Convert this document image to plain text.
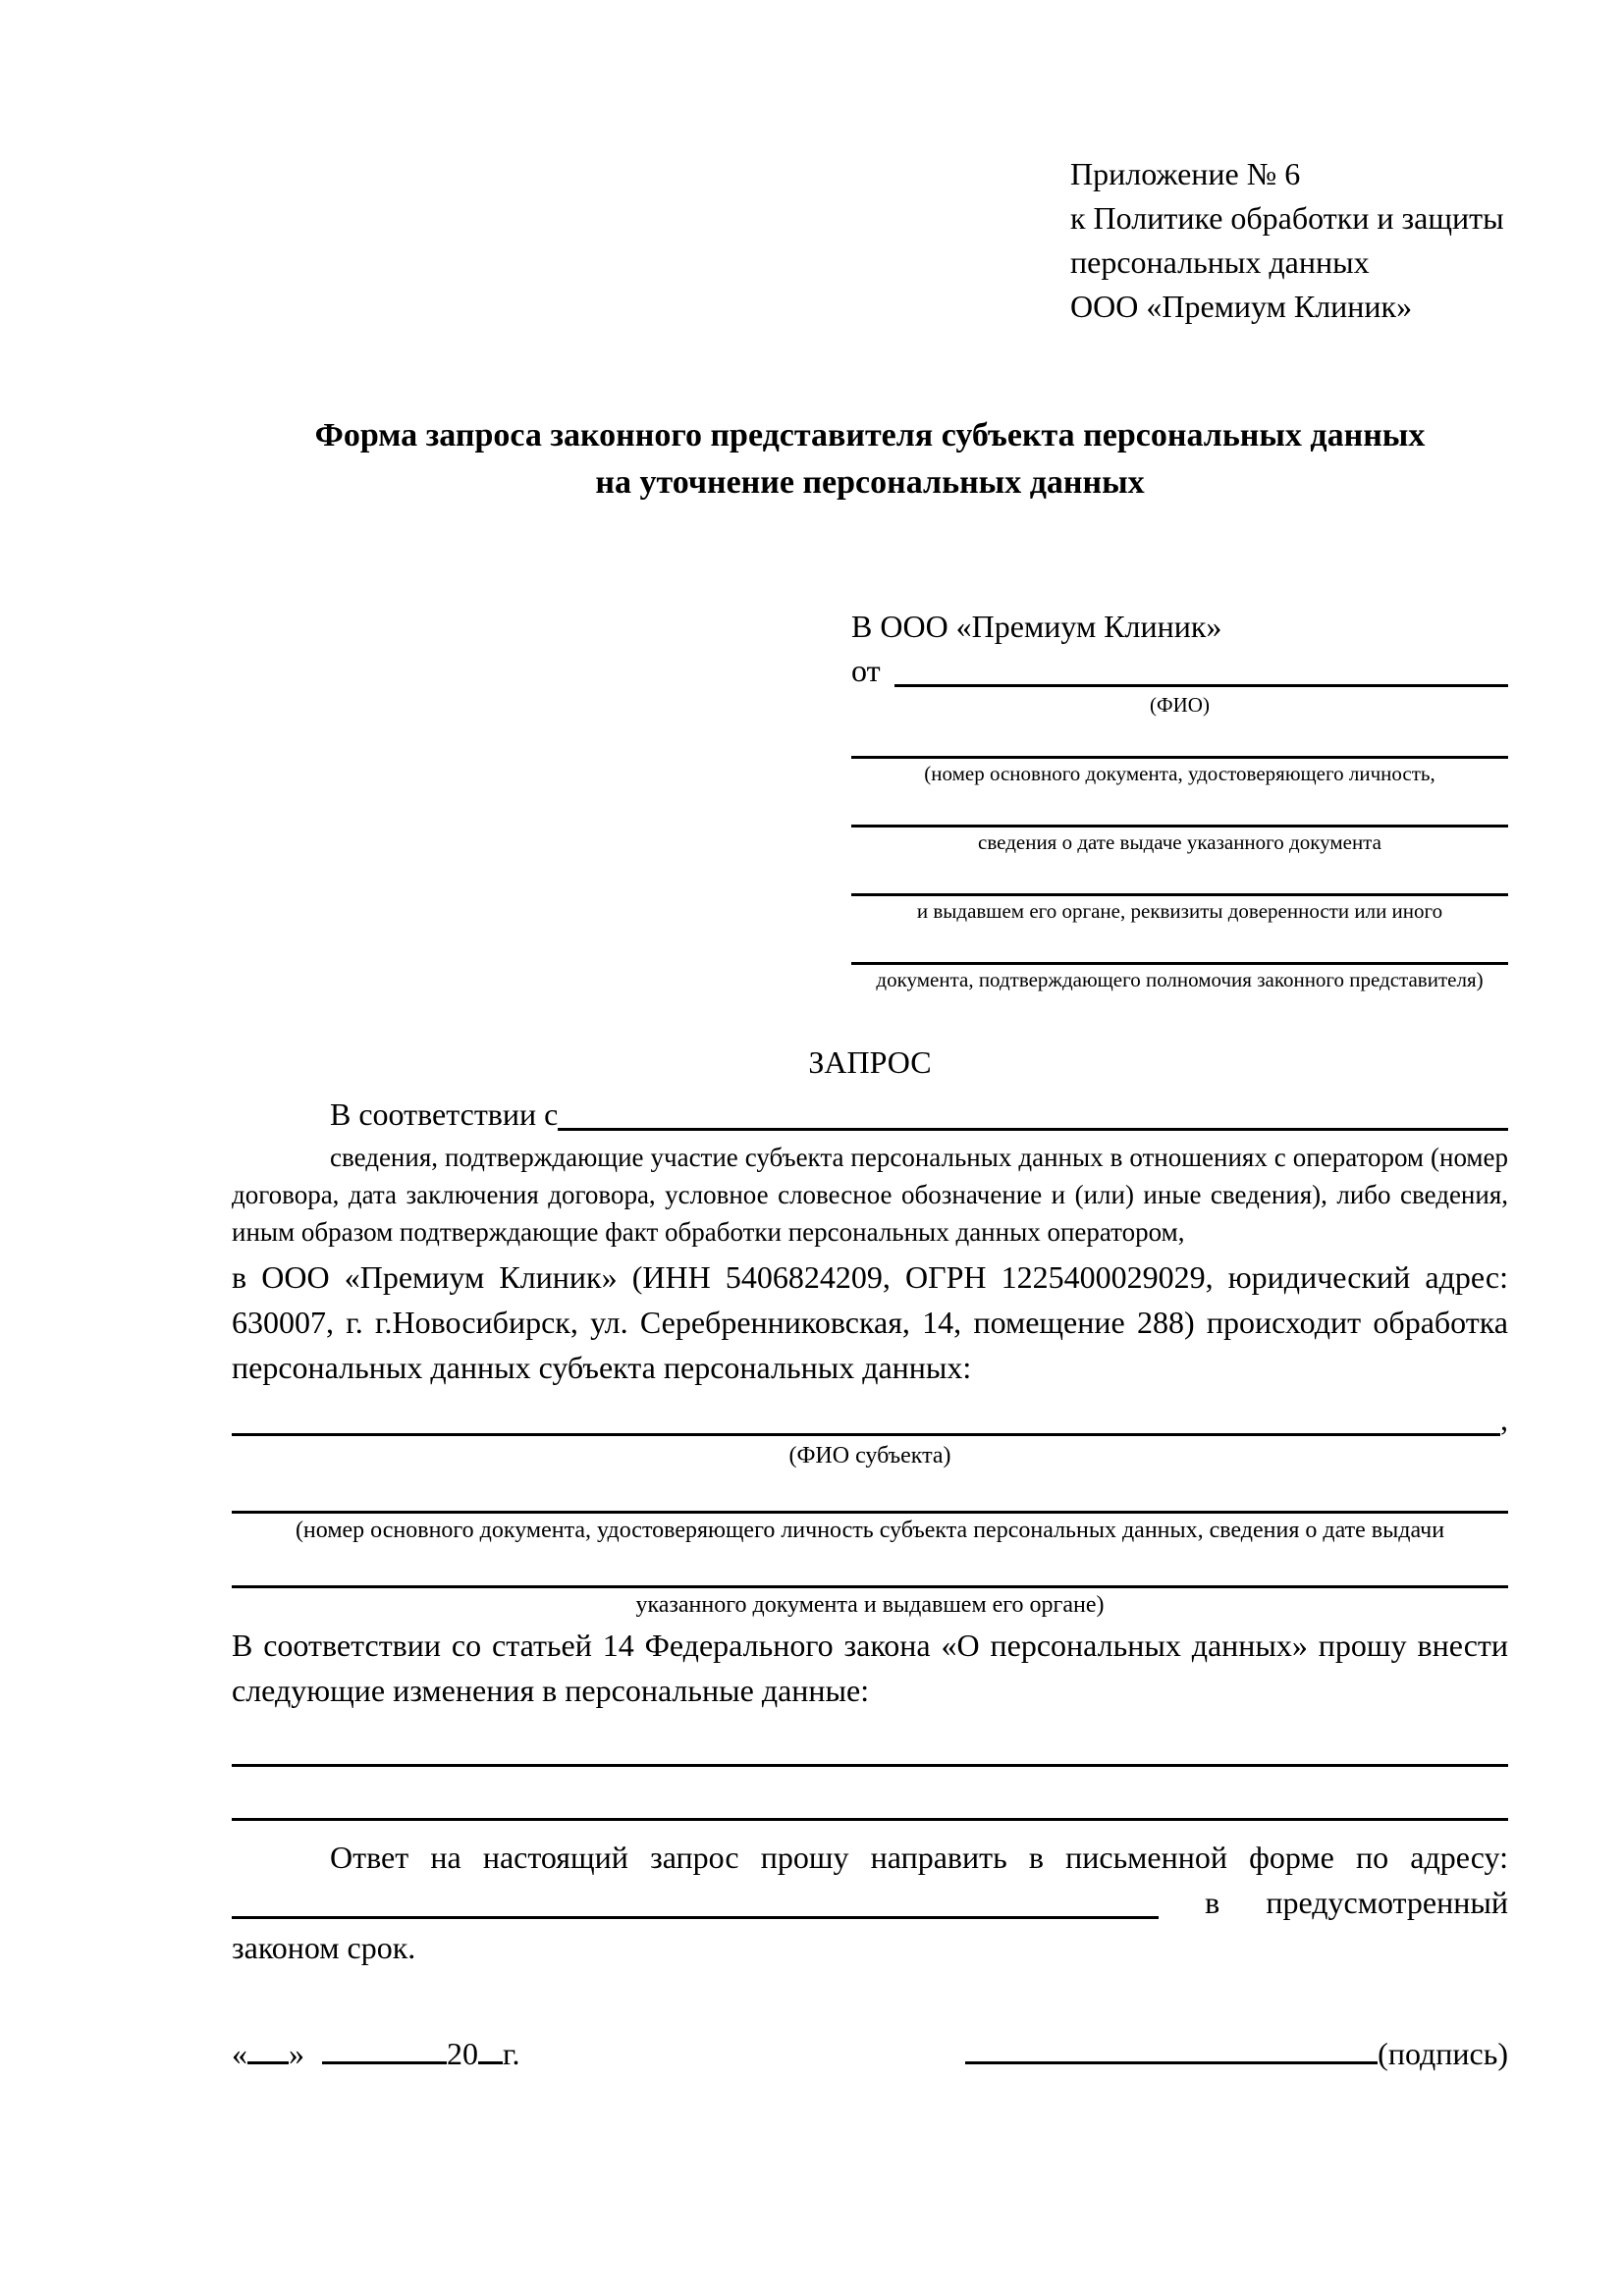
Приложение № 6
к Политике обработки и защиты
персональных данных
ООО «Премиум Клиник»
Форма запроса законного представителя субъекта персональных данных
на уточнение персональных данных
В ООО «Премиум Клиник»
от
(ФИО)
(номер основного документа, удостоверяющего личность,
сведения о дате выдаче указанного документа
и выдавшем его органе, реквизиты доверенности или иного
документа, подтверждающего полномочия законного представителя)
ЗАПРОС
В соответствии с

сведения, подтверждающие участие субъекта персональных данных в отношениях с оператором (номер договора, дата заключения договора, условное словесное обозначение и (или) иные сведения), либо сведения, иным образом подтверждающие факт обработки персональных данных оператором,

в ООО «Премиум Клиник» (ИНН 5406824209, ОГРН 1225400029029, юридический адрес: 630007, г. г.Новосибирск, ул. Серебренниковская, 14, помещение 288) происходит обработка персональных данных субъекта персональных данных:

,
(ФИО субъекта)
(номер основного документа, удостоверяющего личность субъекта персональных данных, сведения о дате выдачи
указанного документа и выдавшем его органе)

В соответствии со статьей 14 Федерального закона «О персональных данных» прошу внести следующие изменения в персональные данные:

Ответ на настоящий запрос прошу направить в письменной форме по адресу:

в предусмотренный
законом срок.
« »	20 г.	(подпись)
